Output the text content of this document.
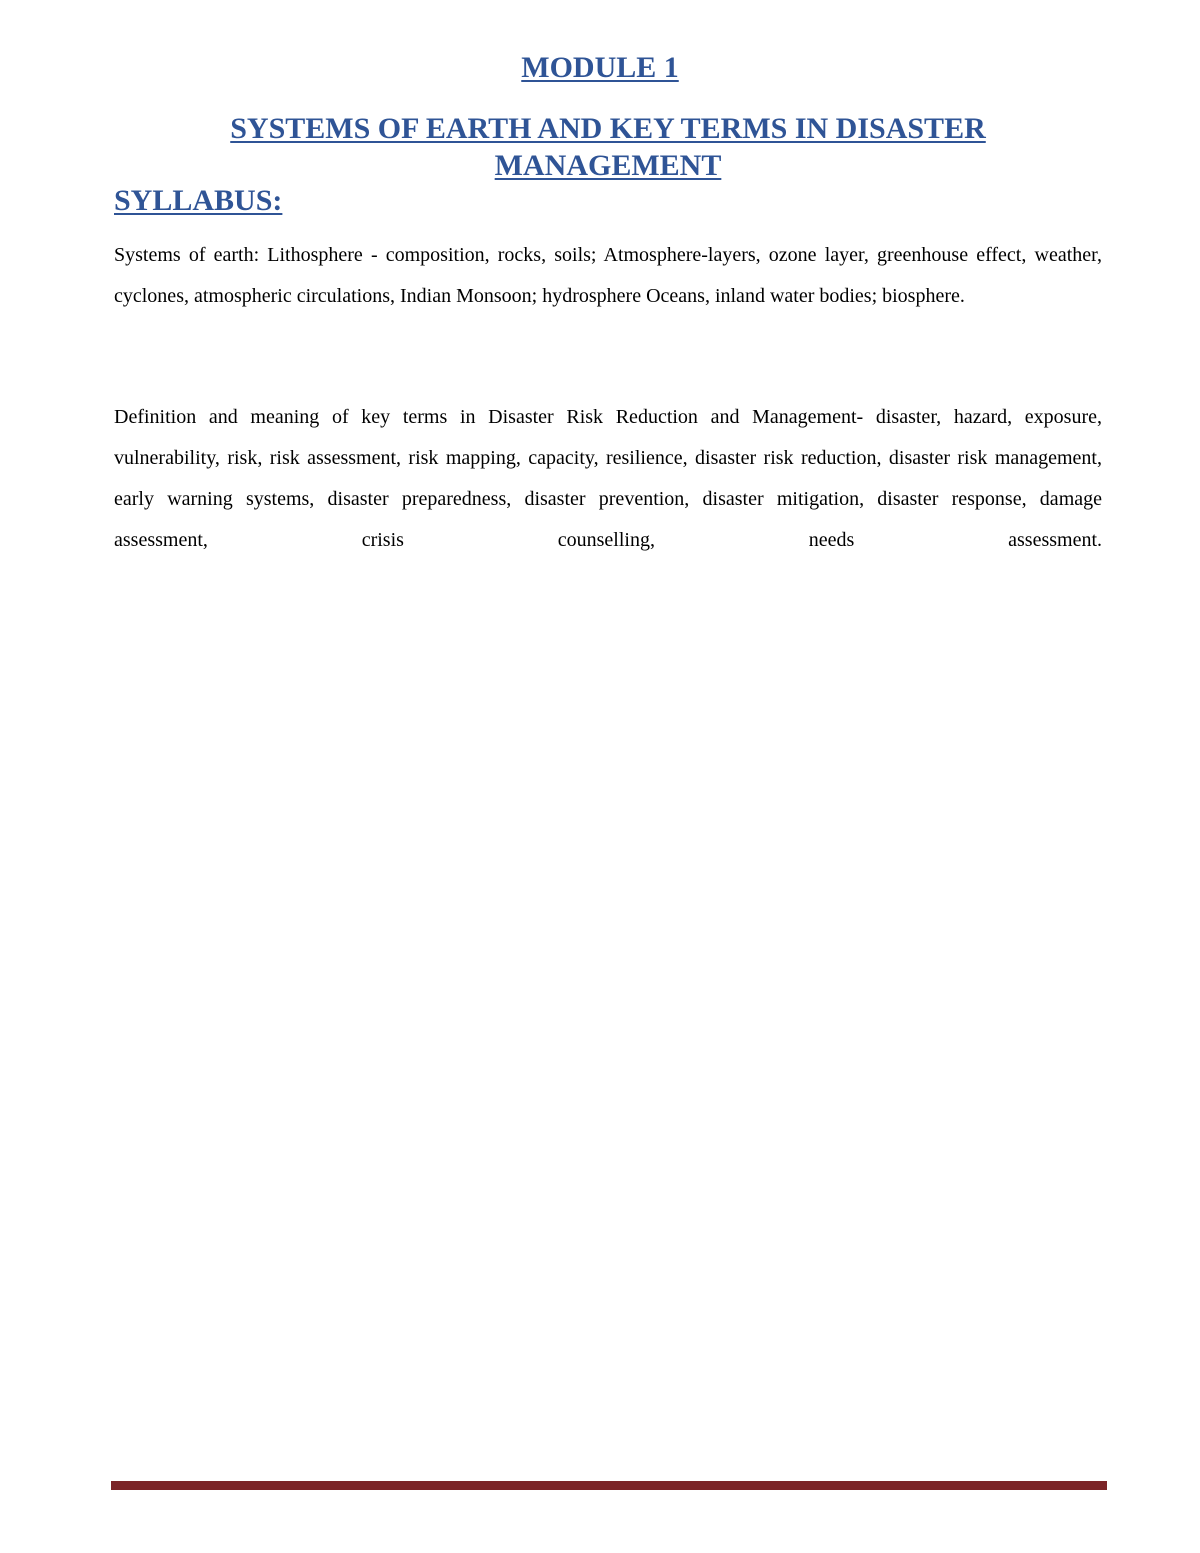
MODULE 1
SYSTEMS OF EARTH AND KEY TERMS IN DISASTER MANAGEMENT
SYLLABUS:

Systems of earth: Lithosphere - composition, rocks, soils; Atmosphere-layers, ozone layer, greenhouse effect, weather, cyclones, atmospheric circulations, Indian Monsoon; hydrosphere Oceans, inland water bodies; biosphere.

Definition and meaning of key terms in Disaster Risk Reduction and Management- disaster, hazard, exposure, vulnerability, risk, risk assessment, risk mapping, capacity, resilience, disaster risk reduction, disaster risk management, early warning systems, disaster preparedness, disaster prevention, disaster mitigation, disaster response, damage assessment, crisis counselling, needs assessment.
